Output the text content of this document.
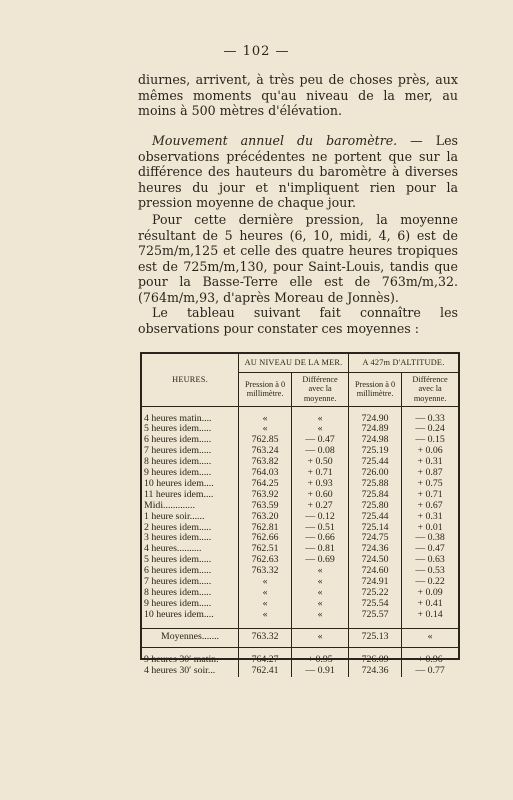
— 102 —
diurnes, arrivent, à très peu de choses près, aux mêmes moments qu'au niveau de la mer, au moins à 500 mètres d'élévation.
Mouvement annuel du baromètre. — Les observations précédentes ne portent que sur la différence des hauteurs du baromètre à diverses heures du jour et n'impliquent rien pour la pression moyenne de chaque jour.
Pour cette dernière pression, la moyenne résultant de 5 heures (6, 10, midi, 4, 6) est de 725m/m,125 et celle des quatre heures tropiques est de 725m/m,130, pour Saint-Louis, tandis que pour la Basse-Terre elle est de 763m/m,32. (764m/m,93, d'après Moreau de Jonnès).
Le tableau suivant fait connaître les observations pour constater ces moyennes :
HEURES.	AU NIVEAU DE LA MER.		A 427m D'ALTITUDE.	
	Pression à 0 millimètre.	Différence avec la moyenne.	Pression à 0 millimètre.	Différence avec la moyenne.

4 heures matin....	«	«	724.90	— 0.33
5 heures idem.....	«	«	724.89	— 0.24
6 heures idem.....	762.85	— 0.47	724.98	— 0.15
7 heures idem.....	763.24	— 0.08	725.19	+ 0.06
8 heures idem.....	763.82	+ 0.50	725.44	+ 0.31
9 heures idem.....	764.03	+ 0.71	726.00	+ 0.87
10 heures idem....	764.25	+ 0.93	725.88	+ 0.75
11 heures idem....	763.92	+ 0.60	725.84	+ 0.71
Midi.............	763.59	+ 0.27	725.80	+ 0.67
1 heure soir......	763.20	— 0.12	725.44	+ 0.31
2 heures idem.....	762.81	— 0.51	725.14	+ 0.01
3 heures idem.....	762.66	— 0.66	724.75	— 0.38
4 heures..........	762.51	— 0.81	724.36	— 0.47
5 heures idem.....	762.63	— 0.69	724.50	— 0.63
6 heures idem.....	763.32	«	724.60	— 0.53
7 heures idem.....	«	«	724.91	— 0.22
8 heures idem.....	«	«	725.22	+ 0.09
9 heures idem.....	«	«	725.54	+ 0.41
10 heures idem....	«	«	725.57	+ 0.14

Moyennes.......	763.32	«	725.13	«

9 heures 30′ matin.	764.27	+ 0.95	726.09	+ 0.96
4 heures 30′ soir...	762.41	— 0.91	724.36	— 0.77
